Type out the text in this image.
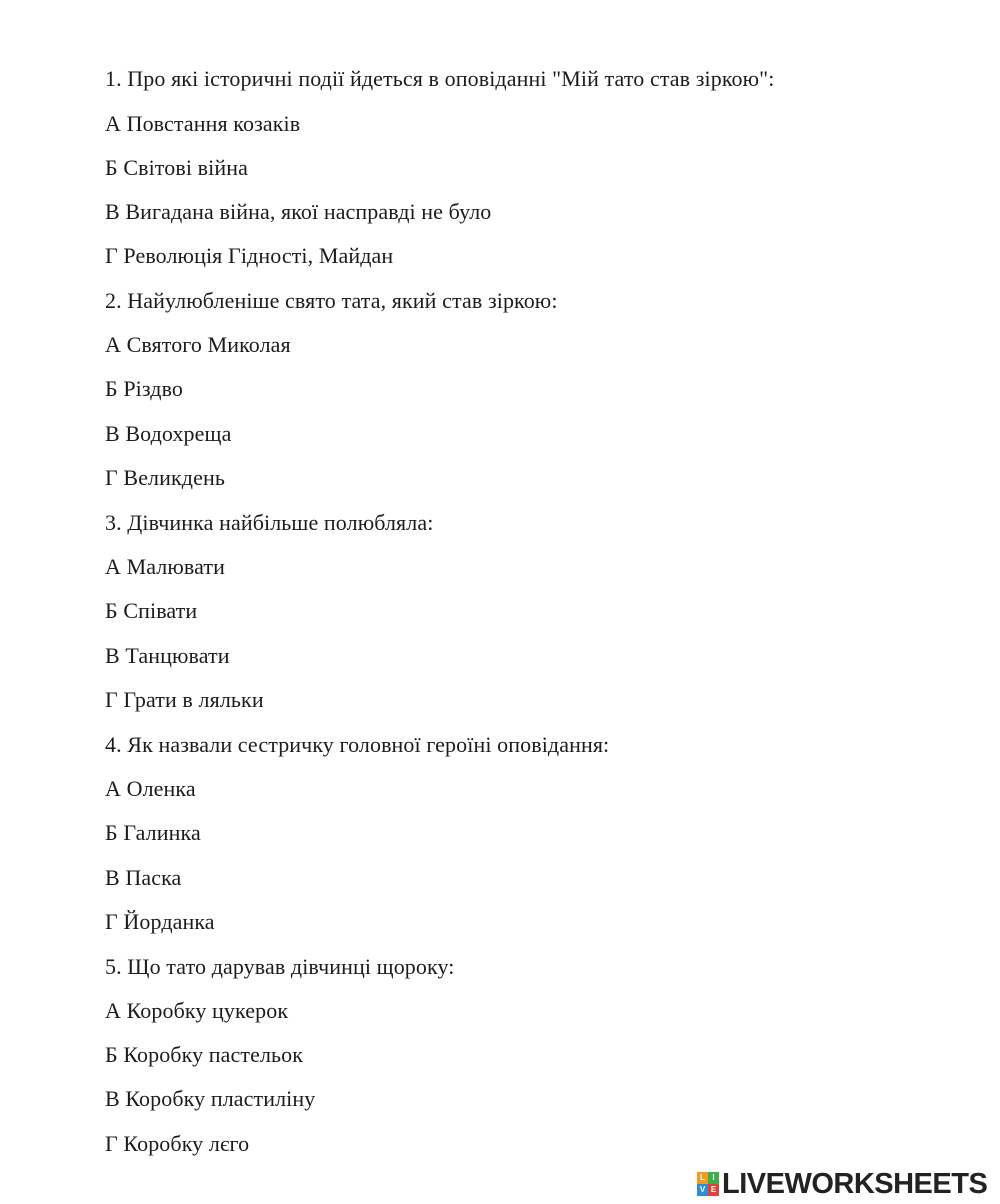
1. Про які історичні події йдеться в оповіданні "Мій тато став зіркою":
А Повстання козаків
Б Світові війна
В Вигадана війна, якої насправді не було
Г Революція Гідності, Майдан
2. Найулюбленіше свято тата, який став зіркою:
А Святого Миколая
Б Різдво
В Водохреща
Г Великдень
3. Дівчинка найбільше полюбляла:
А Малювати
Б Співати
В Танцювати
Г Грати в ляльки
4. Як назвали сестричку головної героїні оповідання:
А Оленка
Б Галинка
В Паска
Г Йорданка
5. Що тато дарував дівчинці щороку:
А Коробку цукерок
Б Коробку пастельок
В Коробку пластиліну
Г Коробку лєго
L I
V E LIVEWORKSHEETS
